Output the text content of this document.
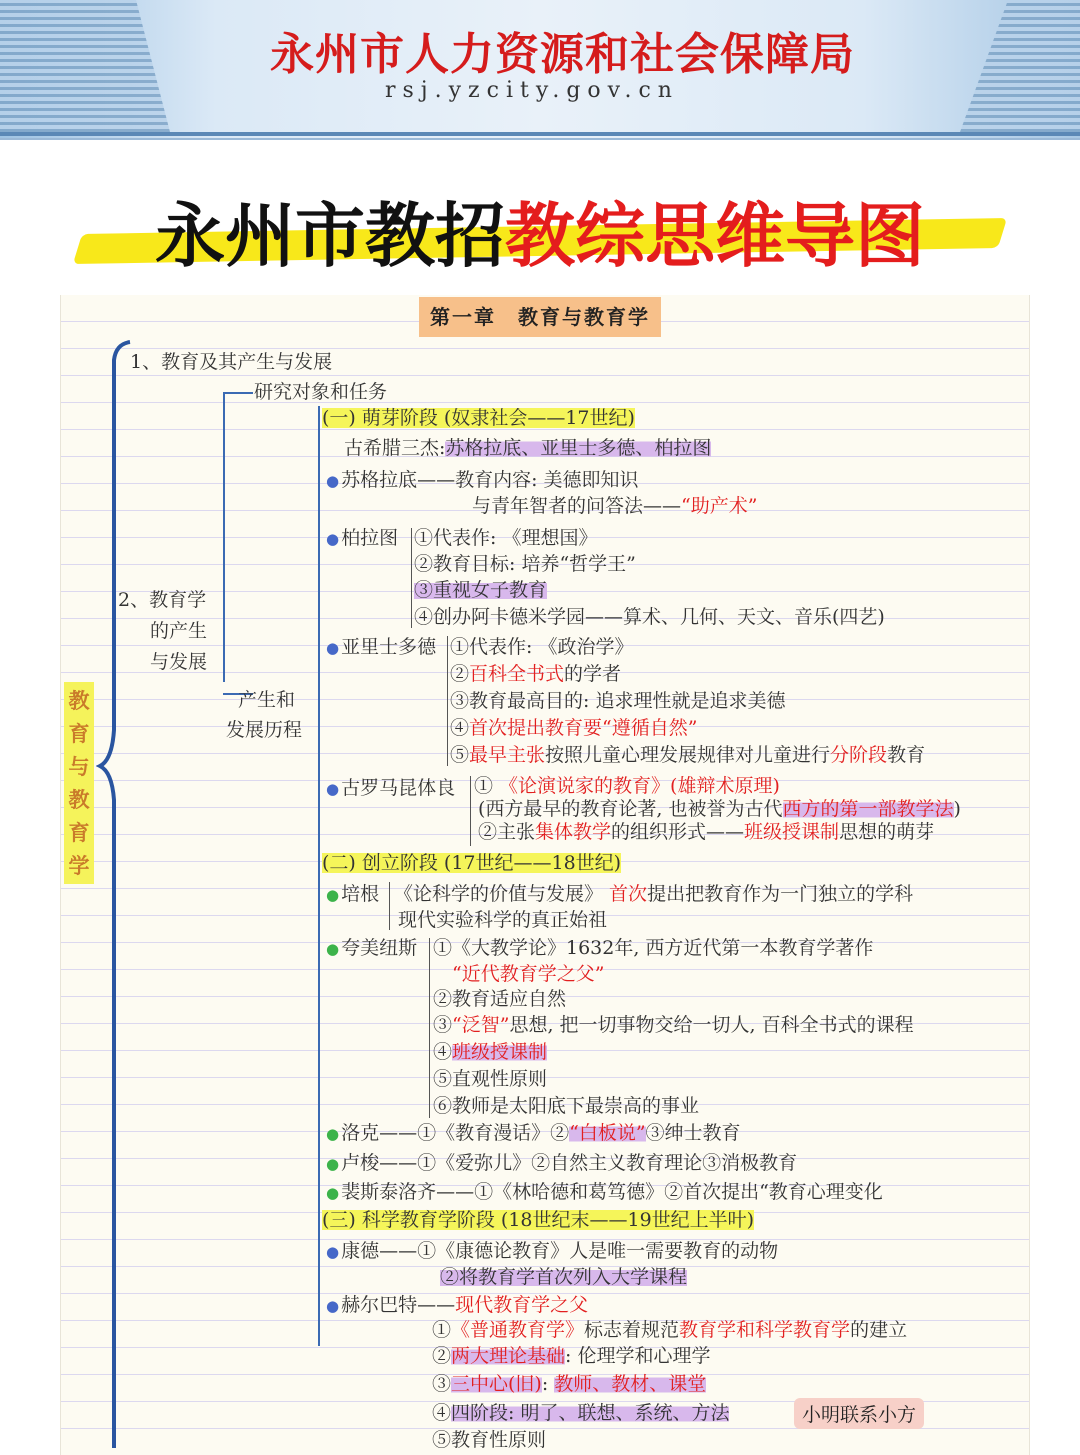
永州市人力资源和社会保障局
rsj.yzcity.gov.cn
永州市教招教综思维导图
第一章　教育与教育学
教
育
与
教
育
学
1、教育及其产生与发展
研究对象和任务
2、教育学
的产生
与发展
产生和
发展历程
(一) 萌芽阶段 (奴隶社会——17世纪)
古希腊三杰:苏格拉底、亚里士多德、柏拉图
● 苏格拉底——教育内容: 美德即知识
与青年智者的问答法——“助产术”
● 柏拉图 ①代表作: 《理想国》
②教育目标: 培养“哲学王”
③重视女子教育
④创办阿卡德米学园——算术、几何、天文、音乐(四艺)
● 亚里士多德 ①代表作: 《政治学》
②百科全书式的学者
③教育最高目的: 追求理性就是追求美德
④首次提出教育要“遵循自然”
⑤最早主张按照儿童心理发展规律对儿童进行分阶段教育
● 古罗马昆体良 ① 《论演说家的教育》(雄辩术原理)
(西方最早的教育论著, 也被誉为古代西方的第一部教学法)
②主张集体教学的组织形式——班级授课制思想的萌芽
(二) 创立阶段 (17世纪——18世纪)
● 培根 《论科学的价值与发展》 首次提出把教育作为一门独立的学科
现代实验科学的真正始祖
● 夸美纽斯 ①《大教学论》1632年, 西方近代第一本教育学著作
“近代教育学之父”
②教育适应自然
③“泛智”思想, 把一切事物交给一切人, 百科全书式的课程
④班级授课制
⑤直观性原则
⑥教师是太阳底下最崇高的事业
● 洛克——①《教育漫话》②“白板说”③绅士教育
● 卢梭——①《爱弥儿》②自然主义教育理论③消极教育
● 裴斯泰洛齐——①《林哈德和葛笃德》②首次提出“教育心理变化
(三) 科学教育学阶段 (18世纪末——19世纪上半叶)
● 康德——①《康德论教育》人是唯一需要教育的动物
②将教育学首次列入大学课程
● 赫尔巴特——现代教育学之父
①《普通教育学》标志着规范教育学和科学教育学的建立
②两大理论基础: 伦理学和心理学
③三中心(旧): 教师、教材、课堂
④四阶段: 明了、联想、系统、方法
⑤教育性原则
小明联系小方
